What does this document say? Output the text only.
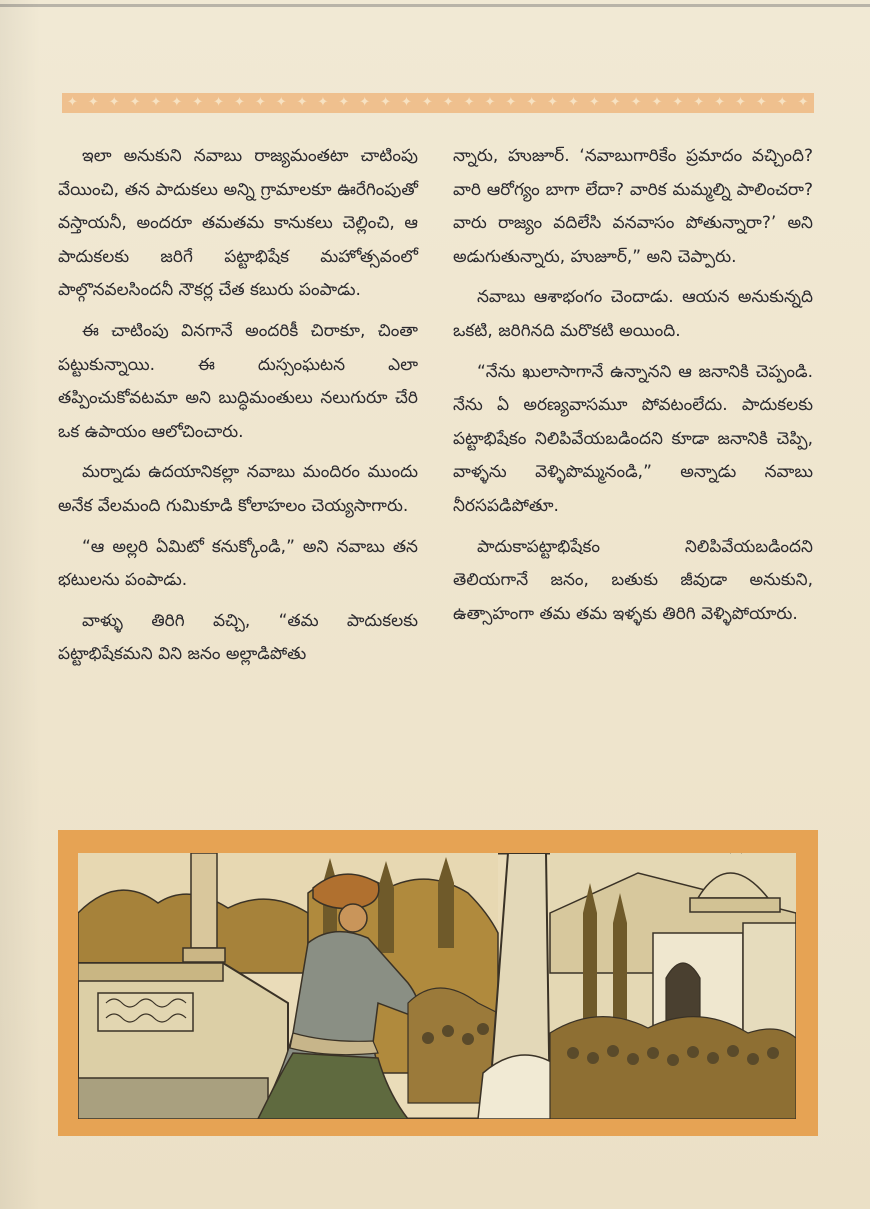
✦ ✦ ✦ ✦ ✦ ✦ ✦ ✦ ✦ ✦ ✦ ✦ ✦ ✦ ✦ ✦ ✦ ✦ ✦ ✦ ✦ ✦ ✦ ✦ ✦ ✦ ✦ ✦ ✦ ✦ ✦ ✦ ✦ ✦ ✦ ✦

ఇలా అనుకుని నవాబు రాజ్యమంతటా చాటింపు వేయించి, తన పాదుకలు అన్ని గ్రామాలకూ ఊరేగింపుతో వస్తాయనీ, అందరూ తమతమ కానుకలు చెల్లించి, ఆ పాదుకలకు జరిగే పట్టాభిషేక మహోత్సవంలో పాల్గొనవలసిందనీ నౌకర్ల చేత కబురు పంపాడు.

ఈ చాటింపు వినగానే అందరికీ చిరాకూ, చింతా పట్టుకున్నాయి. ఈ దుస్సంఘటన ఎలా తప్పించుకోవటమా అని బుద్ధిమంతులు నలుగురూ చేరి ఒక ఉపాయం ఆలోచించారు.

మర్నాడు ఉదయానికల్లా నవాబు మందిరం ముందు అనేక వేలమంది గుమికూడి కోలాహలం చెయ్యసాగారు.

“ఆ అల్లరి ఏమిటో కనుక్కోండి,” అని నవాబు తన భటులను పంపాడు.

వాళ్ళు తిరిగి వచ్చి, “తమ పాదుకలకు పట్టాభిషేకమని విని జనం అల్లాడిపోతు

న్నారు, హుజూర్. ‘నవాబుగారికేం ప్రమాదం వచ్చింది? వారి ఆరోగ్యం బాగా లేదా? వారిక మమ్మల్ని పాలించరా? వారు రాజ్యం వదిలేసి వనవాసం పోతున్నారా?’ అని అడుగుతున్నారు, హుజూర్,” అని చెప్పారు.

నవాబు ఆశాభంగం చెందాడు. ఆయన అనుకున్నది ఒకటి, జరిగినది మరొకటి అయింది.

“నేను ఖులాసాగానే ఉన్నానని ఆ జనానికి చెప్పండి. నేను ఏ అరణ్యవాసమూ పోవటంలేదు. పాదుకలకు పట్టాభిషేకం నిలిపివేయబడిందని కూడా జనానికి చెప్పి, వాళ్ళను వెళ్ళిపొమ్మనండి,” అన్నాడు నవాబు నీరసపడిపోతూ.

పాదుకాపట్టాభిషేకం నిలిపివేయబడిందని తెలియగానే జనం, బతుకు జీవుడా అనుకుని, ఉత్సాహంగా తమ తమ ఇళ్ళకు తిరిగి వెళ్ళిపోయారు.
